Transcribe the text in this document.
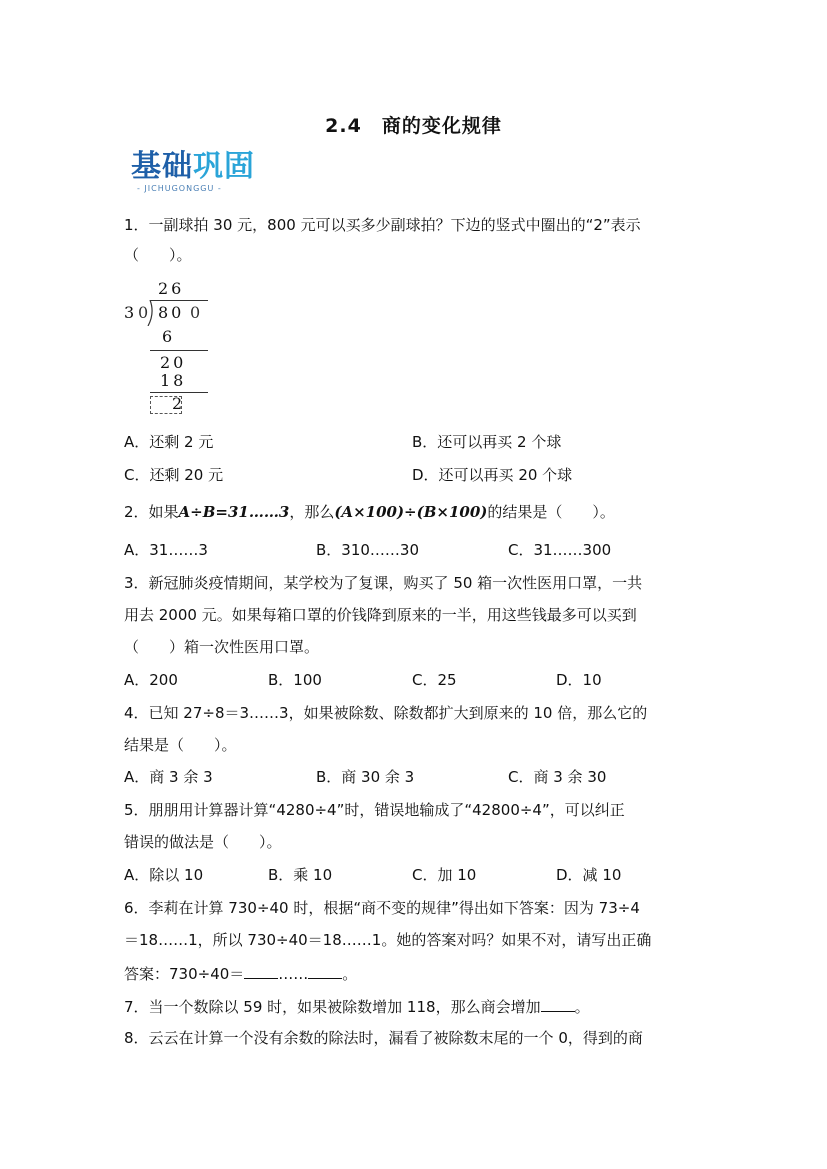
2.4　商的变化规律
基础巩固
- JICHUGONGGU -
1．一副球拍 30 元，800 元可以买多少副球拍？下边的竖式中圈出的“2”表示
（　　）。
26
3 0 80 0
6
20
18
2
A．还剩 2 元	B．还可以再买 2 个球
C．还剩 20 元	D．还可以再买 20 个球
2．如果A÷B=31……3，那么(A×100)÷(B×100)的结果是（　　）。
A．31……3	B．310……30	C．31……300
3．新冠肺炎疫情期间，某学校为了复课，购买了 50 箱一次性医用口罩，一共
用去 2000 元。如果每箱口罩的价钱降到原来的一半，用这些钱最多可以买到
（　　）箱一次性医用口罩。
A．200	B．100	C．25	D．10
4．已知 27÷8＝3……3，如果被除数、除数都扩大到原来的 10 倍，那么它的
结果是（　　）。
A．商 3 余 3	B．商 30 余 3	C．商 3 余 30
5．朋朋用计算器计算“4280÷4”时，错误地输成了“42800÷4”，可以纠正
错误的做法是（　　）。
A．除以 10	B．乘 10	C．加 10	D．减 10
6．李莉在计算 730÷40 时，根据“商不变的规律”得出如下答案：因为 73÷4
＝18……1，所以 730÷40＝18……1。她的答案对吗？如果不对，请写出正确
答案：730÷40＝ …… 。
7．当一个数除以 59 时，如果被除数增加 118，那么商会增加 。
8．云云在计算一个没有余数的除法时，漏看了被除数末尾的一个 0，得到的商
